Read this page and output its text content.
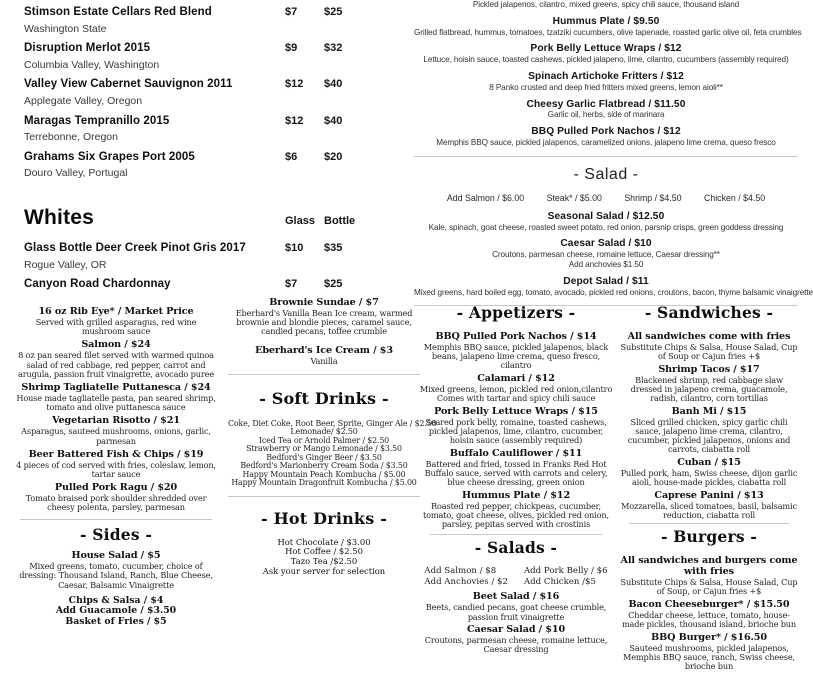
Stimson Estate Cellars Red Blend	$7 $25
Washington State
Disruption Merlot 2015	$9 $32
Columbia Valley, Washington
Valley View Cabernet Sauvignon 2011	$12 $40
Applegate Valley, Oregon
Maragas Tempranillo 2015	$12 $40
Terrebonne, Oregon
Grahams Six Grapes Port 2005	$6 $20
Douro Valley, Portugal
Whites	Glass Bottle
Glass Bottle Deer Creek Pinot Gris 2017	$10 $35
Rogue Valley, OR
Canyon Road Chardonnay	$7 $25
16 oz Rib Eye* / Market Price
Served with grilled asparagus, red wine mushroom sauce
Salmon / $24
8 oz pan seared filet served with warmed quinoa salad of red cabbage, red pepper, carrot and arugula, passion fruit vinaigrette, avocado puree
Shrimp Tagliatelle Puttanesca / $24
House made tagliatelle pasta, pan seared shrimp, tomato and olive puttanesca sauce
Vegetarian Risotto / $21
Asparagus, sauteed mushrooms, onions, garlic, parmesan
Beer Battered Fish & Chips / $19
4 pieces of cod served with fries, coleslaw, lemon, tartar sauce
Pulled Pork Ragu / $20
Tomato braised pork shoulder shredded over cheesy polenta, parsley, parmesan
- Sides -
House Salad / $5
Mixed greens, tomato, cucumber, choice of dressing: Thousand Island, Ranch, Blue Cheese, Caesar, Balsamic Vinaigrette
Chips & Salsa / $4
Add Guacamole / $3.50
Basket of Fries / $5
Brownie Sundae / $7
Eberhard's Vanilla Bean Ice cream, warmed brownie and blondie pieces, caramel sauce, candied pecans, toffee crumble
Eberhard's Ice Cream / $3
Vanilla
- Soft Drinks -
Coke, Diet Coke, Root Beer, Sprite, Ginger Ale / $2.50
Lemonade/ $2.50
Iced Tea or Arnold Palmer / $2.50
Strawberry or Mango Lemonade / $3.50
Bedford's Ginger Beer / $3.50
Bedford's Marionberry Cream Soda / $3.50
Happy Mountain Peach Kombucha / $5.00
Happy Mountain Dragonfruit Kombucha / $5.00
- Hot Drinks -
Hot Chocolate / $3.00
Hot Coffee / $2.50
Tazo Tea /$2.50
Ask your server for selection
Pickled jalapenos, cilantro, mixed greens, spicy chili sauce, thousand island
Hummus Plate / $9.50
Grilled flatbread, hummus, tomatoes, tzatziki cucumbers, olive tapenade, roasted garlic olive oil, feta crumbles
Pork Belly Lettuce Wraps / $12
Lettuce, hoisin sauce, toasted cashews, pickled jalapeno, lime, cilantro, cucumbers (assembly required)
Spinach Artichoke Fritters / $12
8 Panko crusted and deep fried fritters mixed greens, lemon aioli**
Cheesy Garlic Flatbread / $11.50
Garlic oil, herbs, side of marinara
BBQ Pulled Pork Nachos / $12
Memphis BBQ sauce, pickled jalapenos, caramelized onions, jalapeno lime crema, queso fresco
- Salad -
Add Salmon / $6.00	Steak* / $5.00	Shrimp / $4.50	Chicken / $4.50
Seasonal Salad / $12.50
Kale, spinach, goat cheese, roasted sweet potato, red onion, parsnip crisps, green goddess dressing
Caesar Salad / $10
Croutons, parmesan cheese, romaine lettuce, Caesar dressing**
Add anchovies $1.50
Depot Salad / $11
Mixed greens, hard boiled egg, tomato, avocado, pickled red onions, croutons, bacon, thyme balsamic vinaigrette
- Appetizers -
BBQ Pulled Pork Nachos / $14
Memphis BBQ sauce, pickled jalapenos, black beans, jalapeno lime crema, queso fresco, cilantro
Calamari / $12
Mixed greens, lemon, pickled red onion,cilantro Comes with tartar and spicy chili sauce
Pork Belly Lettuce Wraps / $15
Seared pork belly, romaine, toasted cashews, pickled jalapenos, lime, cilantro, cucumber, hoisin sauce (assembly required)
Buffalo Cauliflower / $11
Battered and fried, tossed in Franks Red Hot Buffalo sauce, served with carrots and celery, blue cheese dressing, green onion
Hummus Plate / $12
Roasted red pepper, chickpeas, cucumber, tomato, goat cheese, olives, pickled red onion, parsley, pepitas served with crostinis
- Salads -
Add Salmon / $8
Add Anchovies / $2
Add Pork Belly / $6
Add Chicken /$5
Beet Salad / $16
Beets, candied pecans, goat cheese crumble, passion fruit vinaigrette
Caesar Salad / $10
Croutons, parmesan cheese, romaine lettuce, Caesar dressing
- Sandwiches -
All sandwiches come with fries
Substitute Chips & Salsa, House Salad, Cup of Soup or Cajun fries +$
Shrimp Tacos / $17
Blackened shrimp, red cabbage slaw dressed in jalapeno crema, guacamole, radish, cilantro, corn tortillas
Banh Mi / $15
Sliced grilled chicken, spicy garlic chili sauce, jalapeno lime crema, cilantro, cucumber, pickled jalapenos, onions and carrots, ciabatta roll
Cuban / $15
Pulled pork, ham, Swiss cheese, dijon garlic aioli, house-made pickles, ciabatta roll
Caprese Panini / $13
Mozzarella, sliced tomatoes, basil, balsamic reduction, ciabatta roll
- Burgers -
All sandwiches and burgers come with fries
Substitute Chips & Salsa, House Salad, Cup of Soup, or Cajun fries +$
Bacon Cheeseburger* / $15.50
Cheddar cheese, lettuce, tomato, house-made pickles, thousand island, brioche bun
BBQ Burger* / $16.50
Sauteed mushrooms, pickled jalapenos, Memphis BBQ sauce, ranch, Swiss cheese, brioche bun
